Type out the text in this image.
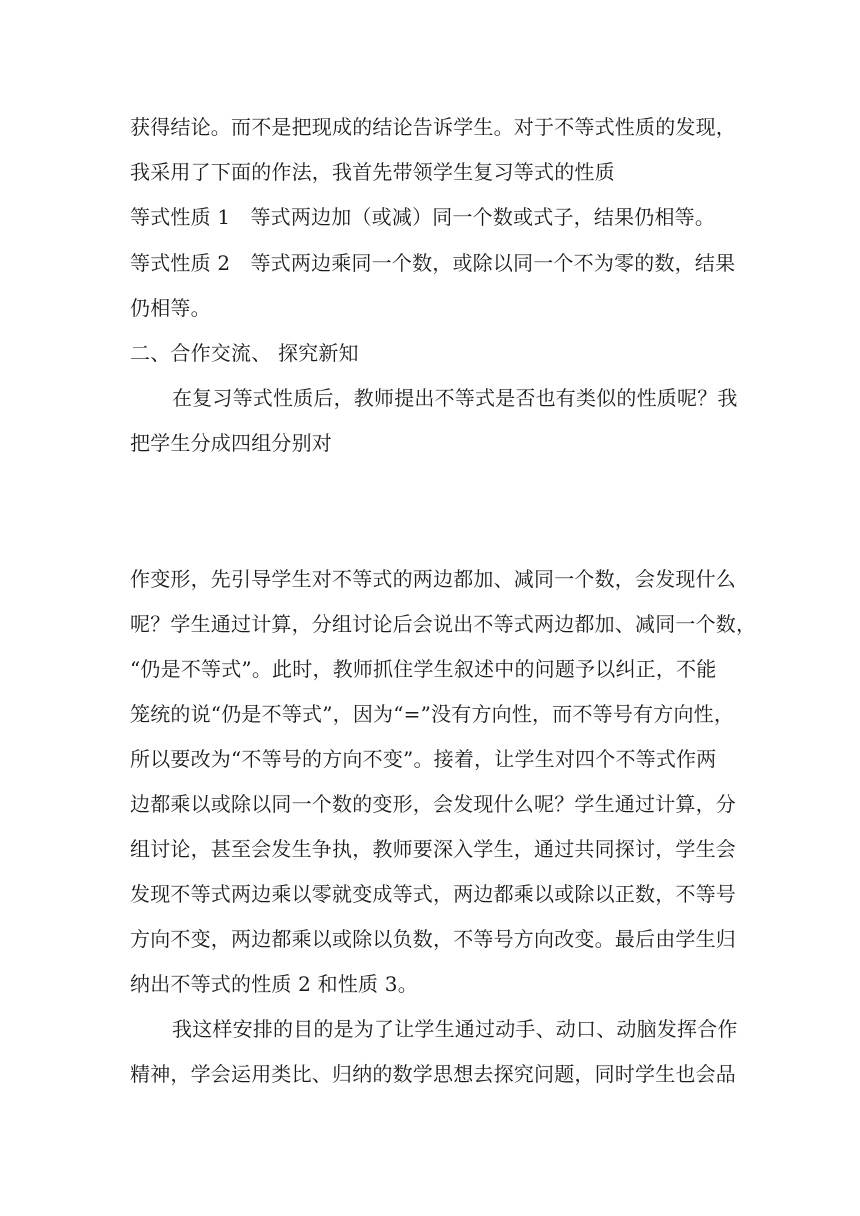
获得结论。而不是把现成的结论告诉学生。对于不等式性质的发现，
我采用了下面的作法，我首先带领学生复习等式的性质
等式性质 1　等式两边加（或减）同一个数或式子，结果仍相等。
等式性质 2　等式两边乘同一个数，或除以同一个不为零的数，结果
仍相等。
二、合作交流、 探究新知
在复习等式性质后，教师提出不等式是否也有类似的性质呢？我
把学生分成四组分别对
作变形，先引导学生对不等式的两边都加、减同一个数，会发现什么
呢？学生通过计算，分组讨论后会说出不等式两边都加、减同一个数，
“仍是不等式”。此时，教师抓住学生叙述中的问题予以纠正，不能
笼统的说“仍是不等式”，因为“=”没有方向性，而不等号有方向性，
所以要改为“不等号的方向不变”。接着，让学生对四个不等式作两
边都乘以或除以同一个数的变形，会发现什么呢？学生通过计算，分
组讨论，甚至会发生争执，教师要深入学生，通过共同探讨，学生会
发现不等式两边乘以零就变成等式，两边都乘以或除以正数，不等号
方向不变，两边都乘以或除以负数，不等号方向改变。最后由学生归
纳出不等式的性质 2 和性质 3。
我这样安排的目的是为了让学生通过动手、动口、动脑发挥合作
精神，学会运用类比、归纳的数学思想去探究问题，同时学生也会品
